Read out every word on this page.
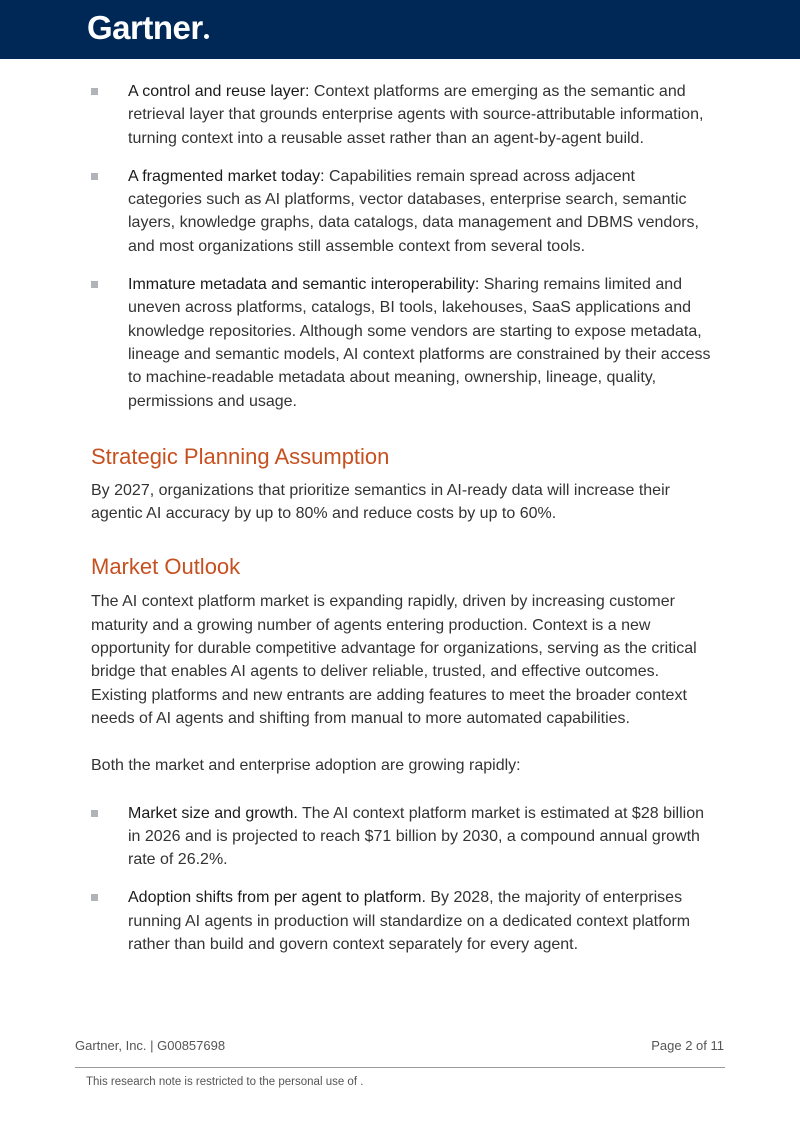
Gartner
A control and reuse layer: Context platforms are emerging as the semantic and retrieval layer that grounds enterprise agents with source-attributable information, turning context into a reusable asset rather than an agent-by-agent build.
A fragmented market today: Capabilities remain spread across adjacent categories such as AI platforms, vector databases, enterprise search, semantic layers, knowledge graphs, data catalogs, data management and DBMS vendors, and most organizations still assemble context from several tools.
Immature metadata and semantic interoperability: Sharing remains limited and uneven across platforms, catalogs, BI tools, lakehouses, SaaS applications and knowledge repositories. Although some vendors are starting to expose metadata, lineage and semantic models, AI context platforms are constrained by their access to machine-readable metadata about meaning, ownership, lineage, quality, permissions and usage.
Strategic Planning Assumption

By 2027, organizations that prioritize semantics in AI-ready data will increase their agentic AI accuracy by up to 80% and reduce costs by up to 60%.

Market Outlook

The AI context platform market is expanding rapidly, driven by increasing customer maturity and a growing number of agents entering production. Context is a new opportunity for durable competitive advantage for organizations, serving as the critical bridge that enables AI agents to deliver reliable, trusted, and effective outcomes. Existing platforms and new entrants are adding features to meet the broader context needs of AI agents and shifting from manual to more automated capabilities.

Both the market and enterprise adoption are growing rapidly:

Market size and growth. The AI context platform market is estimated at $28 billion in 2026 and is projected to reach $71 billion by 2030, a compound annual growth rate of 26.2%.
Adoption shifts from per agent to platform. By 2028, the majority of enterprises running AI agents in production will standardize on a dedicated context platform rather than build and govern context separately for every agent.
Gartner, Inc. | G00857698	Page 2 of 11
This research note is restricted to the personal use of .
